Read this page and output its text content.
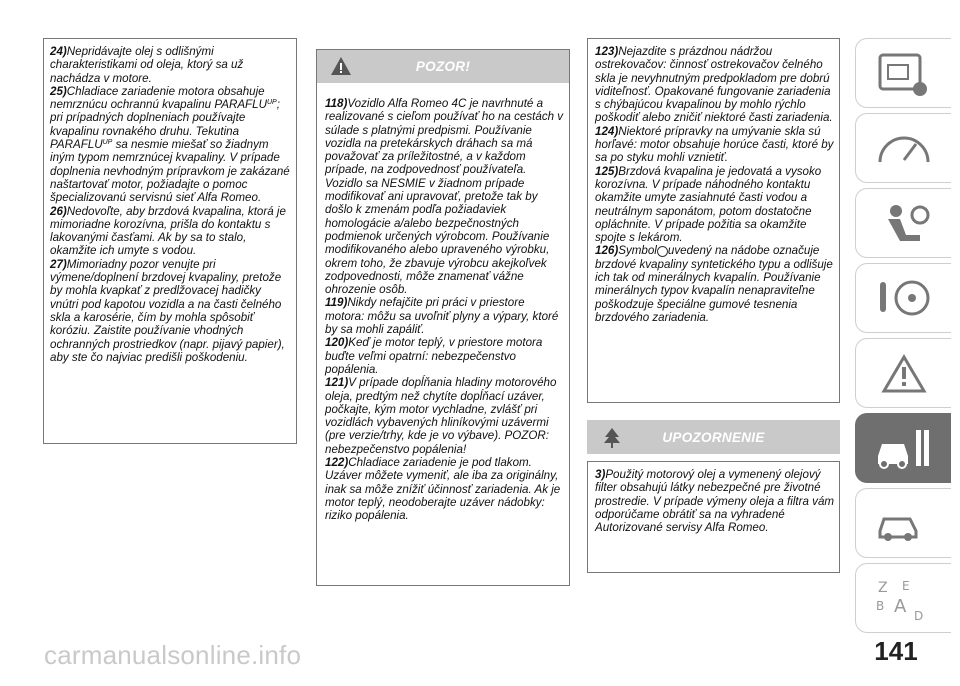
24)Nepridávajte olej s odlišnými charakteristikami od oleja, ktorý sa už nachádza v motore.

25)Chladiace zariadenie motora obsahuje nemrznúcu ochrannú kvapalinu $PARAFLU^{UP}$; pri prípadných doplneniach používajte kvapalinu rovnakého druhu. Tekutina $PARAFLU^{UP}$ sa nesmie miešať so žiadnym iným typom nemrznúcej kvapaliny. V prípade doplnenia nevhodným prípravkom je zakázané naštartovať motor, požiadajte o pomoc špecializovanú servisnú sieť Alfa Romeo.

26)Nedovoľte, aby brzdová kvapalina, ktorá je mimoriadne korozívna, prišla do kontaktu s lakovanými časťami. Ak by sa to stalo, okamžite ich umyte s vodou.

27)Mimoriadny pozor venujte pri výmene/doplnení brzdovej kvapaliny, pretože by mohla kvapkať z predlžovacej hadičky vnútri pod kapotou vozidla a na časti čelného skla a karosérie, čím by mohla spôsobiť koróziu. Zaistite používanie vhodných ochranných prostriedkov (napr. pijavý papier), aby ste čo najviac predišli poškodeniu.

POZOR!

118)Vozidlo Alfa Romeo 4C je navrhnuté a realizované s cieľom používať ho na cestách v súlade s platnými predpismi. Používanie vozidla na pretekárskych dráhach sa má považovať za príležitostné, a v každom prípade, na zodpovednosť používateľa. Vozidlo sa NESMIE v žiadnom prípade modifikovať ani upravovať, pretože tak by došlo k zmenám podľa požiadaviek homologácie a/alebo bezpečnostných podmienok určených výrobcom. Používanie modifikovaného alebo upraveného výrobku, okrem toho, že zbavuje výrobcu akejkoľvek zodpovednosti, môže znamenať vážne ohrozenie osôb.

119)Nikdy nefajčite pri práci v priestore motora: môžu sa uvoľniť plyny a výpary, ktoré by sa mohli zapáliť.

120)Keď je motor teplý, v priestore motora buďte veľmi opatrní: nebezpečenstvo popálenia.

121)V prípade dopĺňania hladiny motorového oleja, predtým než chytíte dopĺňací uzáver, počkajte, kým motor vychladne, zvlášť pri vozidlách vybavených hliníkovými uzávermi (pre verzie/trhy, kde je vo výbave). POZOR: nebezpečenstvo popálenia!

122)Chladiace zariadenie je pod tlakom. Uzáver môžete vymeniť, ale iba za originálny, inak sa môže znížiť účinnosť zariadenia. Ak je motor teplý, neodoberajte uzáver nádobky: riziko popálenia.

123)Nejazdite s prázdnou nádržou ostrekovačov: činnosť ostrekovačov čelného skla je nevyhnutným predpokladom pre dobrú viditeľnosť. Opakované fungovanie zariadenia s chýbajúcou kvapalinou by mohlo rýchlo poškodiť alebo zničiť niektoré časti zariadenia.

124)Niektoré prípravky na umývanie skla sú horľavé: motor obsahuje horúce časti, ktoré by sa po styku mohli vznietiť.

125)Brzdová kvapalina je jedovatá a vysoko korozívna. V prípade náhodného kontaktu okamžite umyte zasiahnuté časti vodou a neutrálnym saponátom, potom dostatočne opláchnite. V prípade požitia sa okamžite spojte s lekárom.

126)Symbol uvedený na nádobe označuje brzdové kvapaliny syntetického typu a odlišuje ich tak od minerálnych kvapalín. Používanie minerálnych typov kvapalín nenapraviteľne poškodzuje špeciálne gumové tesnenia brzdového zariadenia.

UPOZORNENIE

3)Použitý motorový olej a vymenený olejový filter obsahujú látky nebezpečné pre životné prostredie. V prípade výmeny oleja a filtra vám odporúčame obrátiť sa na vyhradené Autorizované servisy Alfa Romeo.

Z E
B A D
141
carmanualsonline.info
